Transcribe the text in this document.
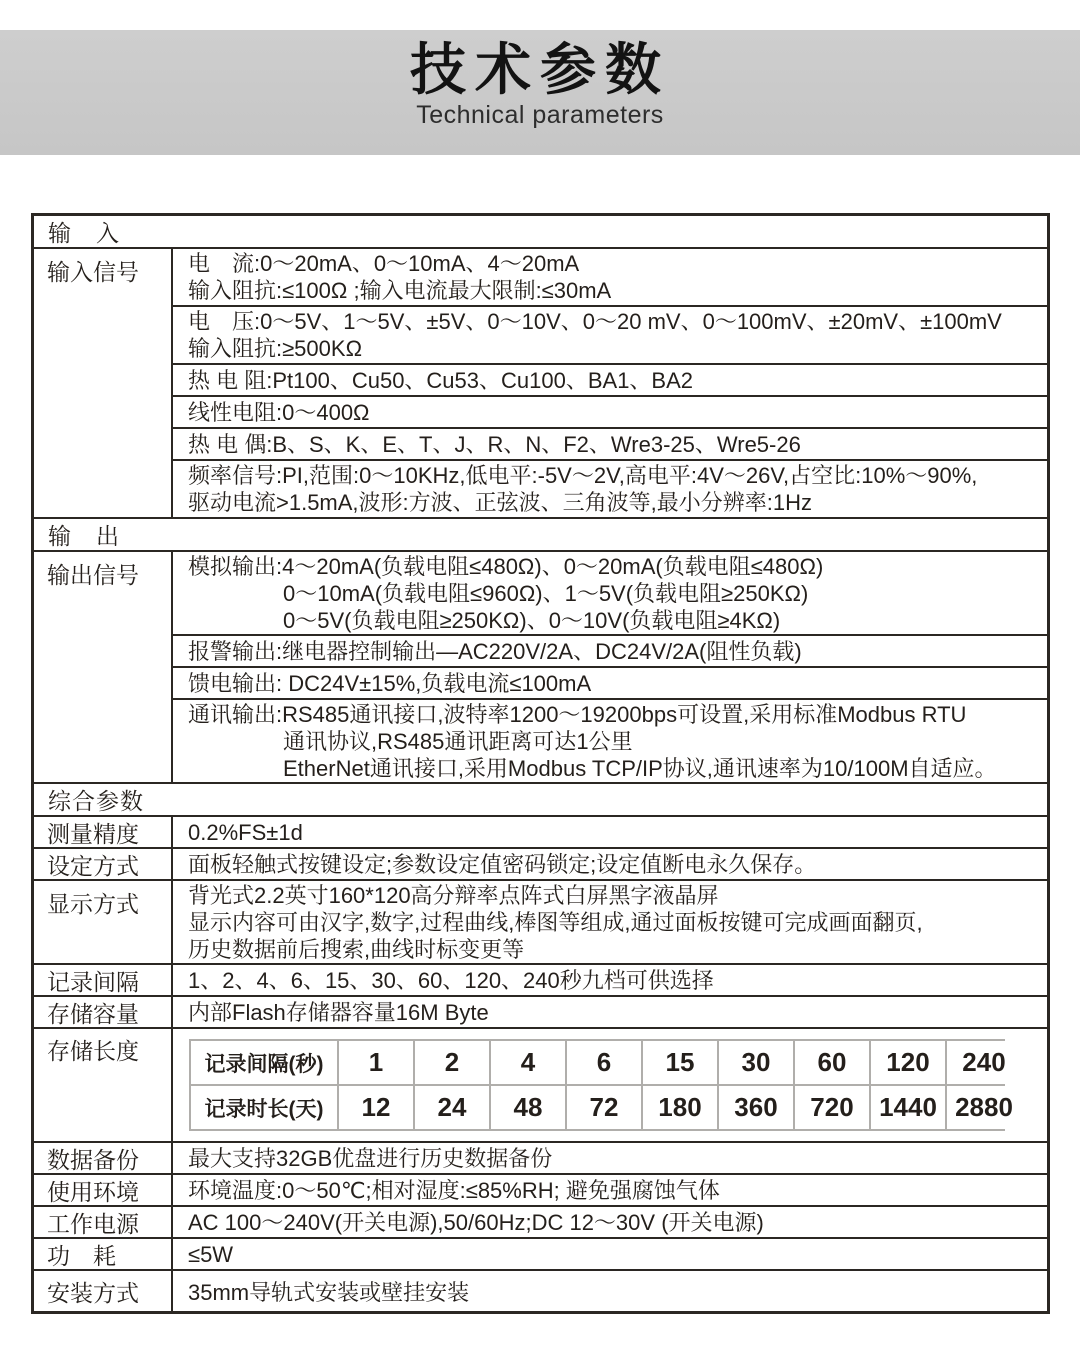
技术参数
Technical parameters
输　入
输入信号	电　流:0～20mA、0～10mA、4～20mA
输入阻抗:≤100Ω ;输入电流最大限制:≤30mA
电　压:0～5V、1～5V、±5V、0～10V、0～20 mV、0～100mV、±20mV、±100mV
输入阻抗:≥500KΩ
热 电 阻:Pt100、Cu50、Cu53、Cu100、BA1、BA2
线性电阻:0～400Ω
热 电 偶:B、S、K、E、T、J、R、N、F2、Wre3-25、Wre5-26
频率信号:PI,范围:0～10KHz,低电平:-5V～2V,高电平:4V～26V,占空比:10%～90%,
驱动电流>1.5mA,波形:方波、正弦波、三角波等,最小分辨率:1Hz
输　出
输出信号	模拟输出:4～20mA(负载电阻≤480Ω)、0～20mA(负载电阻≤480Ω)
0～10mA(负载电阻≤960Ω)、1～5V(负载电阻≥250KΩ)
0～5V(负载电阻≥250KΩ)、0～10V(负载电阻≥4KΩ)
报警输出:继电器控制输出—AC220V/2A、DC24V/2A(阻性负载)
馈电输出: DC24V±15%,负载电流≤100mA
通讯输出:RS485通讯接口,波特率1200～19200bps可设置,采用标准Modbus RTU
通讯协议,RS485通讯距离可达1公里
EtherNet通讯接口,采用Modbus TCP/IP协议,通讯速率为10/100M自适应。
综合参数
测量精度	0.2%FS±1d
设定方式	面板轻触式按键设定;参数设定值密码锁定;设定值断电永久保存。
显示方式	背光式2.2英寸160*120高分辩率点阵式白屏黑字液晶屏
显示内容可由汉字,数字,过程曲线,棒图等组成,通过面板按键可完成画面翻页,
历史数据前后搜索,曲线时标变更等
记录间隔	1、2、4、6、15、30、60、120、240秒九档可供选择
存储容量	内部Flash存储器容量16M Byte
存储长度	记录间隔(秒)	1	2	4	6	15	30	60	120	240
记录时长(天)	12	24	48	72	180	360	720 1440 2880
数据备份	最大支持32GB优盘进行历史数据备份
使用环境	环境温度:0～50℃;相对湿度:≤85%RH; 避免强腐蚀气体
工作电源	AC 100～240V(开关电源),50/60Hz;DC 12～30V (开关电源)
功　耗	≤5W
安装方式	35mm导轨式安装或壁挂安装
